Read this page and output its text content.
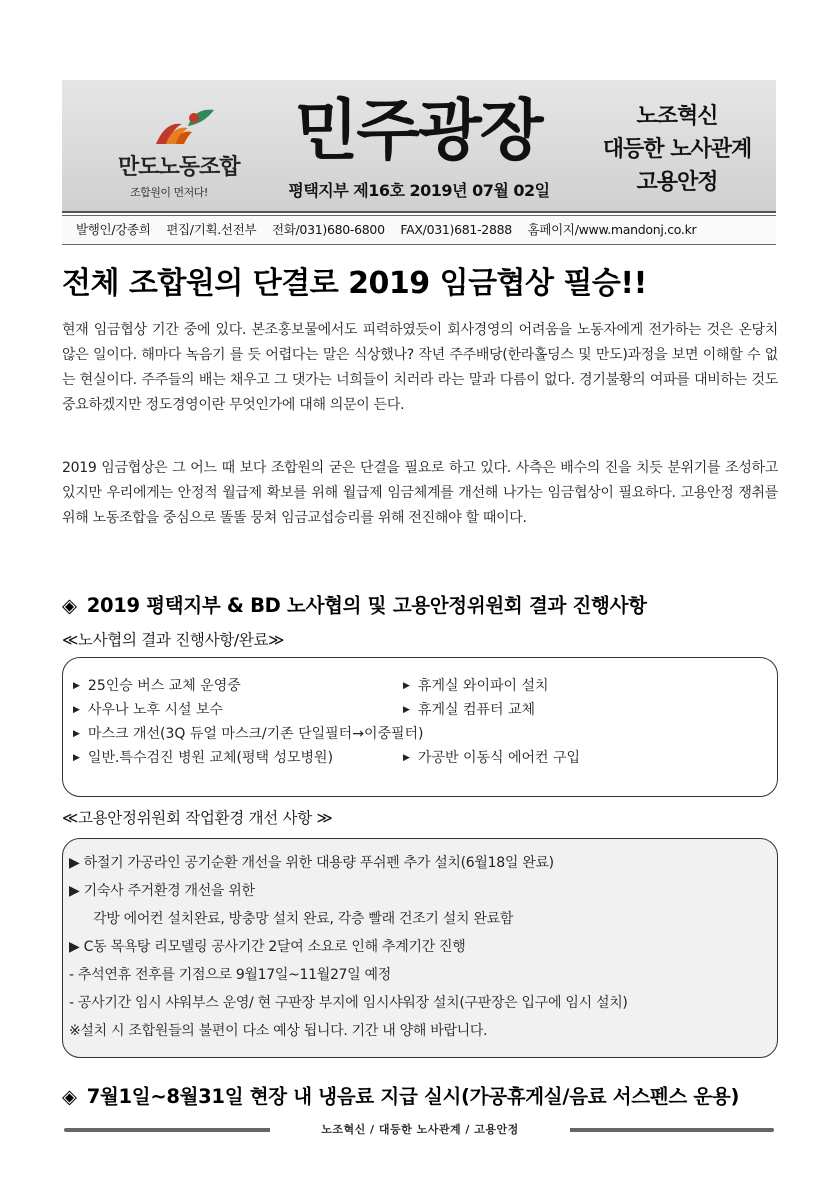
만도노동조합
조합원이 먼저다!
민주광장
평택지부 제16호 2019년 07월 02일
노조혁신
대등한 노사관계
고용안정
발행인/강종희 편집/기획.선전부 전화/031)680-6800 FAX/031)681-2888 홈페이지/www.mandonj.co.kr
전체 조합원의 단결로 2019 임금협상 필승!!
현재 임금협상 기간 중에 있다. 본조홍보물에서도 피력하였듯이 회사경영의 어려움을 노동자에게 전가하는 것은 온당치 않은 일이다. 해마다 녹음기 를 듯 어렵다는 말은 식상했나? 작년 주주배당(한라홀딩스 및 만도)과정을 보면 이해할 수 없는 현실이다. 주주들의 배는 채우고 그 댓가는 너희들이 치러라 라는 말과 다름이 없다. 경기불황의 여파를 대비하는 것도 중요하겠지만 정도경영이란 무엇인가에 대해 의문이 든다.
2019 임금협상은 그 어느 때 보다 조합원의 굳은 단결을 필요로 하고 있다. 사측은 배수의 진을 치듯 분위기를 조성하고 있지만 우리에게는 안정적 월급제 확보를 위해 월급제 임금체계를 개선해 나가는 임금협상이 필요하다. 고용안정 쟁취를 위해 노동조합을 중심으로 똘똘 뭉쳐 임금교섭승리를 위해 전진해야 할 때이다.
◈ 2019 평택지부 & BD 노사협의 및 고용안정위원회 결과 진행사항
≪노사협의 결과 진행사항/완료≫
▶ 25인승 버스 교체 운영중	▶ 휴게실 와이파이 설치
▶ 사우나 노후 시설 보수	▶ 휴게실 컴퓨터 교체
▶ 마스크 개선(3Q 듀얼 마스크/기존 단일필터→이중필터)
▶ 일반.특수검진 병원 교체(평택 성모병원)	▶ 가공반 이동식 에어컨 구입
≪고용안정위원회 작업환경 개선 사항 ≫
▶ 하절기 가공라인 공기순환 개선을 위한 대용량 푸쉬펜 추가 설치(6월18일 완료)
▶ 기숙사 주거환경 개선을 위한
각방 에어컨 설치완료, 방충망 설치 완료, 각층 빨래 건조기 설치 완료함
▶ C동 목욕탕 리모델링 공사기간 2달여 소요로 인해 추계기간 진행
- 추석연휴 전후를 기점으로 9월17일~11월27일 예정
- 공사기간 임시 샤워부스 운영/ 현 구판장 부지에 임시샤워장 설치(구판장은 입구에 임시 설치)
※설치 시 조합원들의 불편이 다소 예상 됩니다. 기간 내 양해 바랍니다.
◈ 7월1일~8월31일 현장 내 냉음료 지급 실시(가공휴게실/음료 서스펜스 운용)
노조혁신 / 대등한 노사관계 / 고용안정
